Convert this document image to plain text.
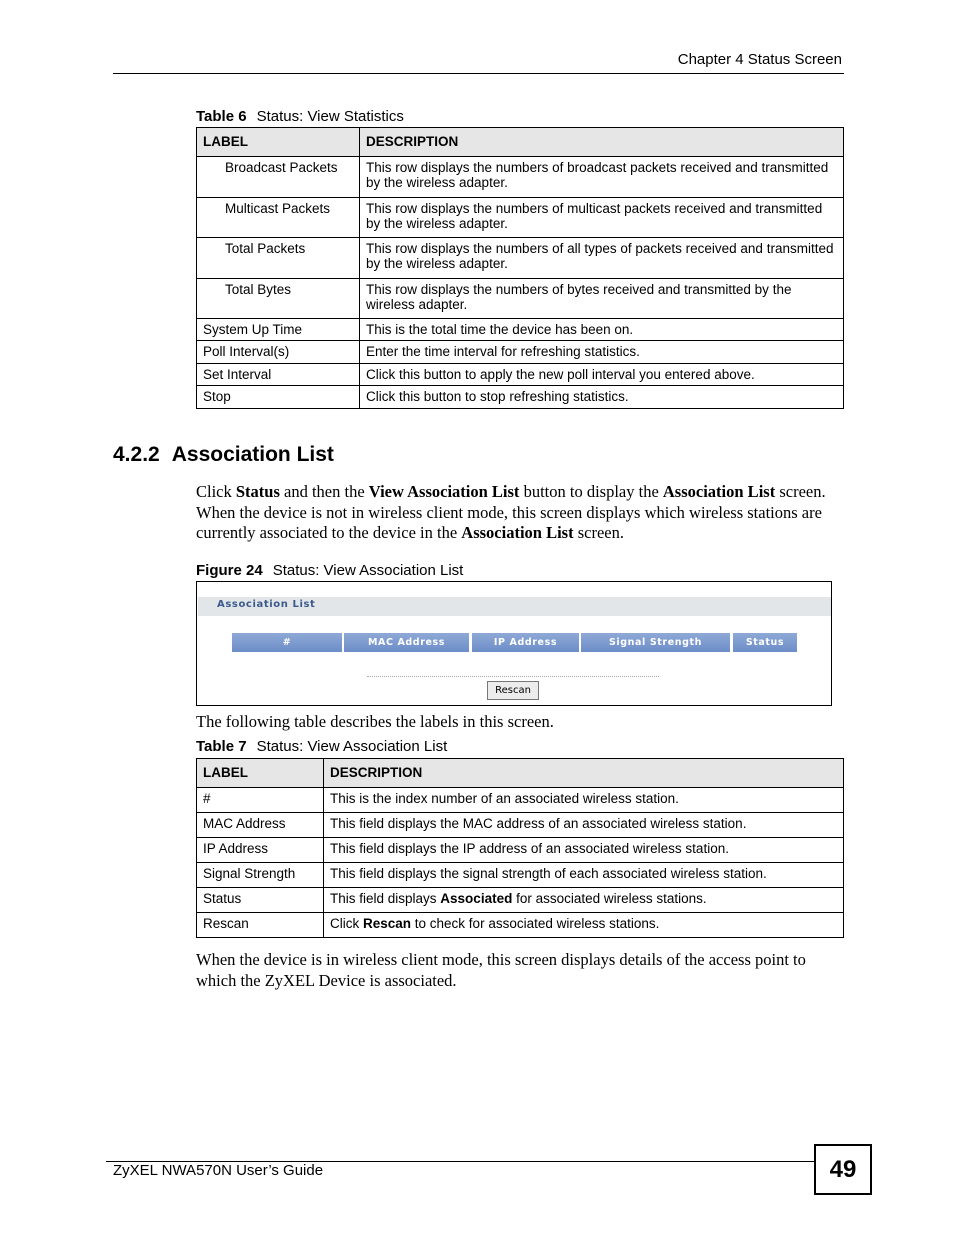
Chapter 4 Status Screen
Table 6 Status: View Statistics
LABEL	DESCRIPTION
Broadcast Packets	This row displays the numbers of broadcast packets received and transmitted by the wireless adapter.
Multicast Packets	This row displays the numbers of multicast packets received and transmitted by the wireless adapter.
Total Packets	This row displays the numbers of all types of packets received and transmitted by the wireless adapter.
Total Bytes	This row displays the numbers of bytes received and transmitted by the wireless adapter.
System Up Time	This is the total time the device has been on.
Poll Interval(s)	Enter the time interval for refreshing statistics.
Set Interval	Click this button to apply the new poll interval you entered above.
Stop	Click this button to stop refreshing statistics.
4.2.2 Association List

Click Status and then the View Association List button to display the Association List screen. When the device is not in wireless client mode, this screen displays which wireless stations are currently associated to the device in the Association List screen.

Figure 24 Status: View Association List
Association List
#	MAC Address	IP Address	Signal Strength	Status
Rescan

The following table describes the labels in this screen.

Table 7 Status: View Association List
LABEL	DESCRIPTION
#	This is the index number of an associated wireless station.
MAC Address	This field displays the MAC address of an associated wireless station.
IP Address	This field displays the IP address of an associated wireless station.
Signal Strength	This field displays the signal strength of each associated wireless station.
Status	This field displays Associated for associated wireless stations.
Rescan	Click Rescan to check for associated wireless stations.

When the device is in wireless client mode, this screen displays details of the access point to which the ZyXEL Device is associated.

ZyXEL NWA570N User’s Guide	49
